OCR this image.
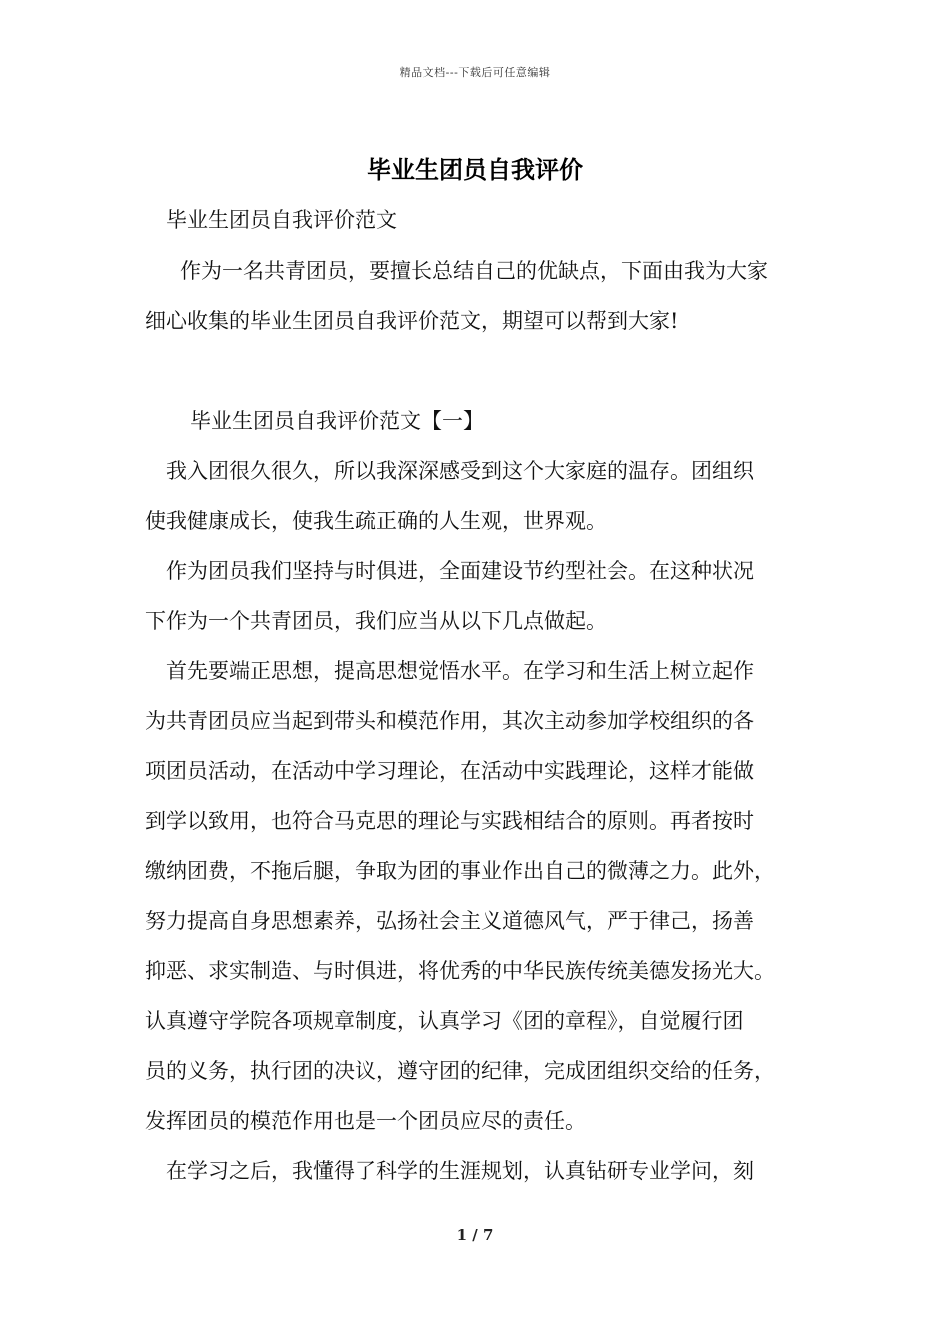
精品文档---下载后可任意编辑
毕业生团员自我评价
毕业生团员自我评价范文
作为一名共青团员，要擅长总结自己的优缺点，下面由我为大家
细心收集的毕业生团员自我评价范文，期望可以帮到大家!
毕业生团员自我评价范文【一】
我入团很久很久，所以我深深感受到这个大家庭的温存。团组织
使我健康成长，使我生疏正确的人生观，世界观。
作为团员我们坚持与时俱进，全面建设节约型社会。在这种状况
下作为一个共青团员，我们应当从以下几点做起。
首先要端正思想，提高思想觉悟水平。在学习和生活上树立起作
为共青团员应当起到带头和模范作用，其次主动参加学校组织的各
项团员活动，在活动中学习理论，在活动中实践理论，这样才能做
到学以致用，也符合马克思的理论与实践相结合的原则。再者按时
缴纳团费，不拖后腿，争取为团的事业作出自己的微薄之力。此外，
努力提高自身思想素养，弘扬社会主义道德风气，严于律己，扬善
抑恶、求实制造、与时俱进，将优秀的中华民族传统美德发扬光大。
认真遵守学院各项规章制度，认真学习《团的章程》，自觉履行团
员的义务，执行团的决议，遵守团的纪律，完成团组织交给的任务，
发挥团员的模范作用也是一个团员应尽的责任。
在学习之后，我懂得了科学的生涯规划，认真钻研专业学问，刻
1 / 7
